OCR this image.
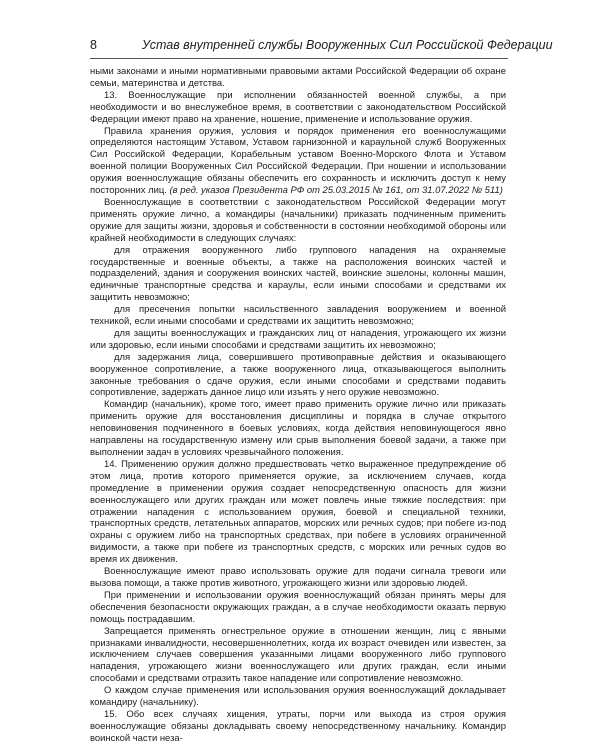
8	Устав внутренней службы Вооруженных Сил Российской Федерации

ными законами и иными нормативными правовыми актами Российской Федерации об охране семьи, материнства и детства.

13. Военнослужащие при исполнении обязанностей военной службы, а при необходимости и во внеслужебное время, в соответствии с законодательством Российской Федерации имеют право на хранение, ношение, применение и использование оружия.

Правила хранения оружия, условия и порядок применения его военнослужащими определяются настоящим Уставом, Уставом гарнизонной и караульной служб Вооруженных Сил Российской Федерации, Корабельным уставом Военно-Морского Флота и Уставом военной полиции Вооруженных Сил Российской Федерации. При ношении и использовании оружия военнослужащие обязаны обеспечить его сохранность и исключить доступ к нему посторонних лиц. (в ред. указов Президента РФ от 25.03.2015 № 161, от 31.07.2022 № 511)

Военнослужащие в соответствии с законодательством Российской Федерации могут применять оружие лично, а командиры (начальники) приказать подчиненным применить оружие для защиты жизни, здоровья и собственности в состоянии необходимой обороны или крайней необходимости в следующих случаях:

для отражения вооруженного либо группового нападения на охраняемые государственные и военные объекты, а также на расположения воинских частей и подразделений, здания и сооружения воинских частей, воинские эшелоны, колонны машин, единичные транспортные средства и караулы, если иными способами и средствами их защитить невозможно;

для пресечения попытки насильственного завладения вооружением и военной техникой, если иными способами и средствами их защитить невозможно;

для защиты военнослужащих и гражданских лиц от нападения, угрожающего их жизни или здоровью, если иными способами и средствами защитить их невозможно;

для задержания лица, совершившего противоправные действия и оказывающего вооруженное сопротивление, а также вооруженного лица, отказывающегося выполнить законные требования о сдаче оружия, если иными способами и средствами подавить сопротивление, задержать данное лицо или изъять у него оружие невозможно.

Командир (начальник), кроме того, имеет право применить оружие лично или приказать применить оружие для восстановления дисциплины и порядка в случае открытого неповиновения подчиненного в боевых условиях, когда действия неповинующегося явно направлены на государственную измену или срыв выполнения боевой задачи, а также при выполнении задач в условиях чрезвычайного положения.

14. Применению оружия должно предшествовать четко выраженное предупреждение об этом лица, против которого применяется оружие, за исключением случаев, когда промедление в применении оружия создает непосредственную опасность для жизни военнослужащего или других граждан или может повлечь иные тяжкие последствия: при отражении нападения с использованием оружия, боевой и специальной техники, транспортных средств, летательных аппаратов, морских или речных судов; при побеге из-под охраны с оружием либо на транспортных средствах, при побеге в условиях ограниченной видимости, а также при побеге из транспортных средств, с морских или речных судов во время их движения.

Военнослужащие имеют право использовать оружие для подачи сигнала тревоги или вызова помощи, а также против животного, угрожающего жизни или здоровью людей.

При применении и использовании оружия военнослужащий обязан принять меры для обеспечения безопасности окружающих граждан, а в случае необходимости оказать первую помощь пострадавшим.

Запрещается применять огнестрельное оружие в отношении женщин, лиц с явными признаками инвалидности, несовершеннолетних, когда их возраст очевиден или известен, за исключением случаев совершения указанными лицами вооруженного либо группового нападения, угрожающего жизни военнослужащего или других граждан, если иными способами и средствами отразить такое нападение или сопротивление невозможно.

О каждом случае применения или использования оружия военнослужащий докладывает командиру (начальнику).

15. Обо всех случаях хищения, утраты, порчи или выхода из строя оружия военнослужащие обязаны докладывать своему непосредственному начальнику. Командир воинской части неза-
